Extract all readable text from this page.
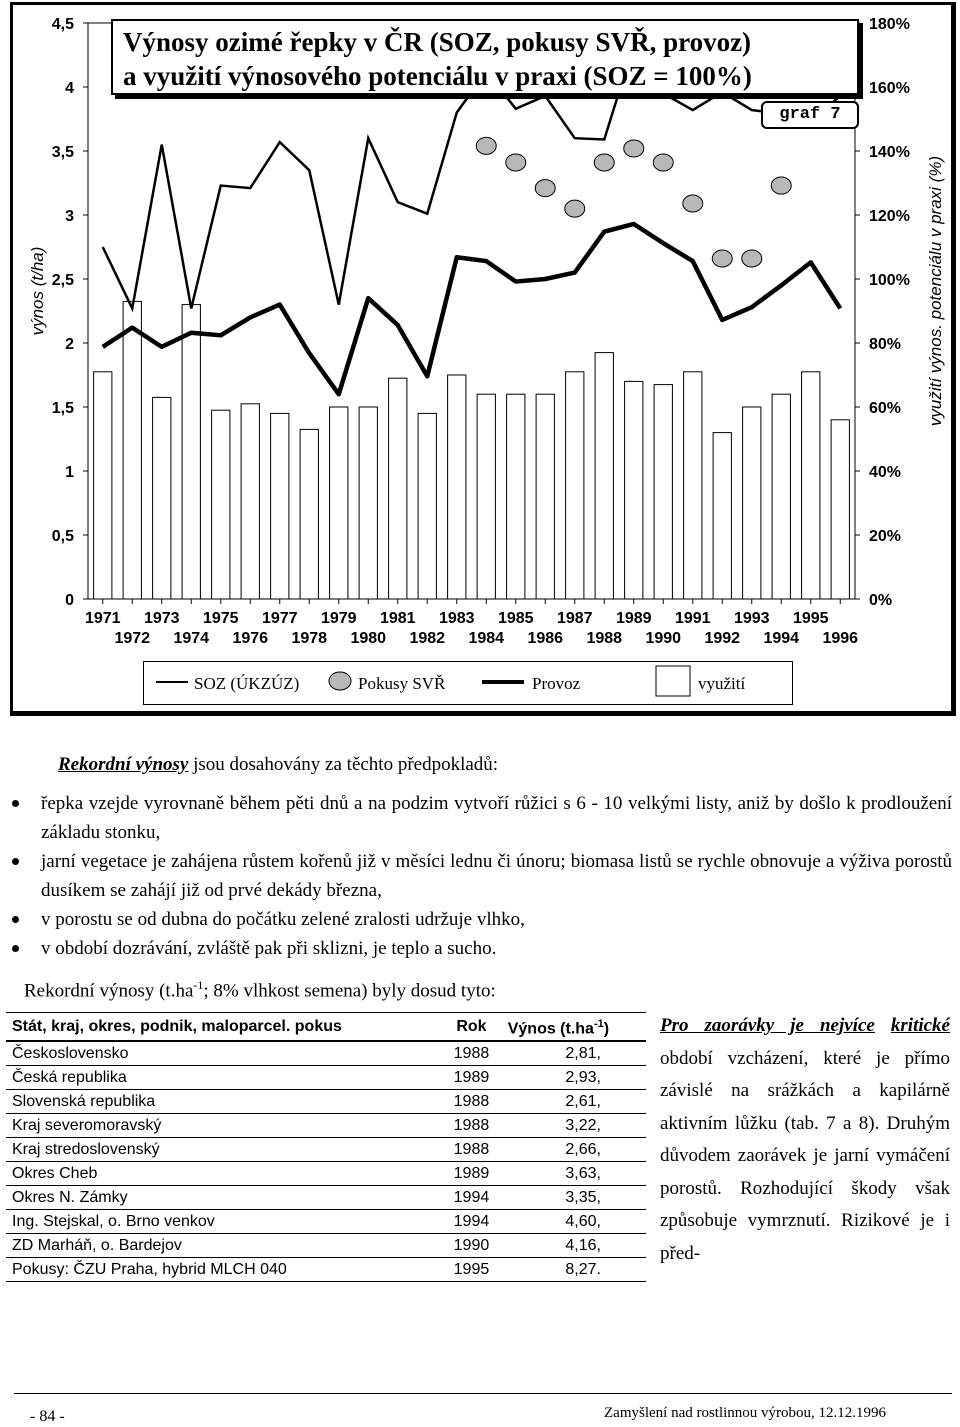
0
0,5
1
1,5
2
2,5
3
3,5
4
4,5
0%
20%
40%
60%
80%
100%
120%
140%
160%
180%
1971 1973 1975 1977 1979 1981 1983 1985 1987 1989 1991 1993 1995
1972 1974 1976 1978 1980 1982 1984 1986 1988 1990 1992 1994 1996
výnos (t/ha)	využití výnos. potenciálu v praxi (%)
Výnosy ozimé řepky v ČR (SOZ, pokusy SVŘ, provoz)
a využití výnosového potenciálu v praxi (SOZ = 100%)
graf 7
SOZ (ÚKZÚZ)	Pokusy SVŘ	Provoz	využití

Rekordní výnosy jsou dosahovány za těchto předpokladů:

řepka vzejde vyrovnaně během pěti dnů a na podzim vytvoří růžici s 6 - 10 velkými listy, aniž by došlo k prodloužení základu stonku,
jarní vegetace je zahájena růstem kořenů již v měsíci lednu či únoru; biomasa listů se rychle obnovuje a výživa porostů dusíkem se zahájí již od prvé dekády března,
v porostu se od dubna do počátku zelené zralosti udržuje vlhko,
v období dozrávání, zvláště pak při sklizni, je teplo a sucho.

Rekordní výnosy ($t.ha^{-1}$; 8% vlhkost semena) byly dosud tyto:

Stát, kraj, okres, podnik, maloparcel. pokus	Rok	Výnos $(t.ha^{-1})$
Československo	1988	2,81,
Česká republika	1989	2,93,
Slovenská republika	1988	2,61,
Kraj severomoravský	1988	3,22,
Kraj stredoslovenský	1988	2,66,
Okres Cheb	1989	3,63,
Okres N. Zámky	1994	3,35,
Ing. Stejskal, o. Brno venkov	1994	4,60,
ZD Marháň, o. Bardejov	1990	4,16,
Pokusy: ČZU Praha, hybrid MLCH 040	1995	8,27.
Pro zaorávky je nejvíce kritické období vzcházení, které je přímo závislé na srážkách a kapilárně aktivním lůžku (tab. 7 a 8). Druhým důvodem zaorávek je jarní vymáčení porostů. Rozhodující škody však způsobuje vymrznutí. Rizikové je i před-
- 84 -	Zamyšlení nad rostlinnou výrobou, 12.12.1996
